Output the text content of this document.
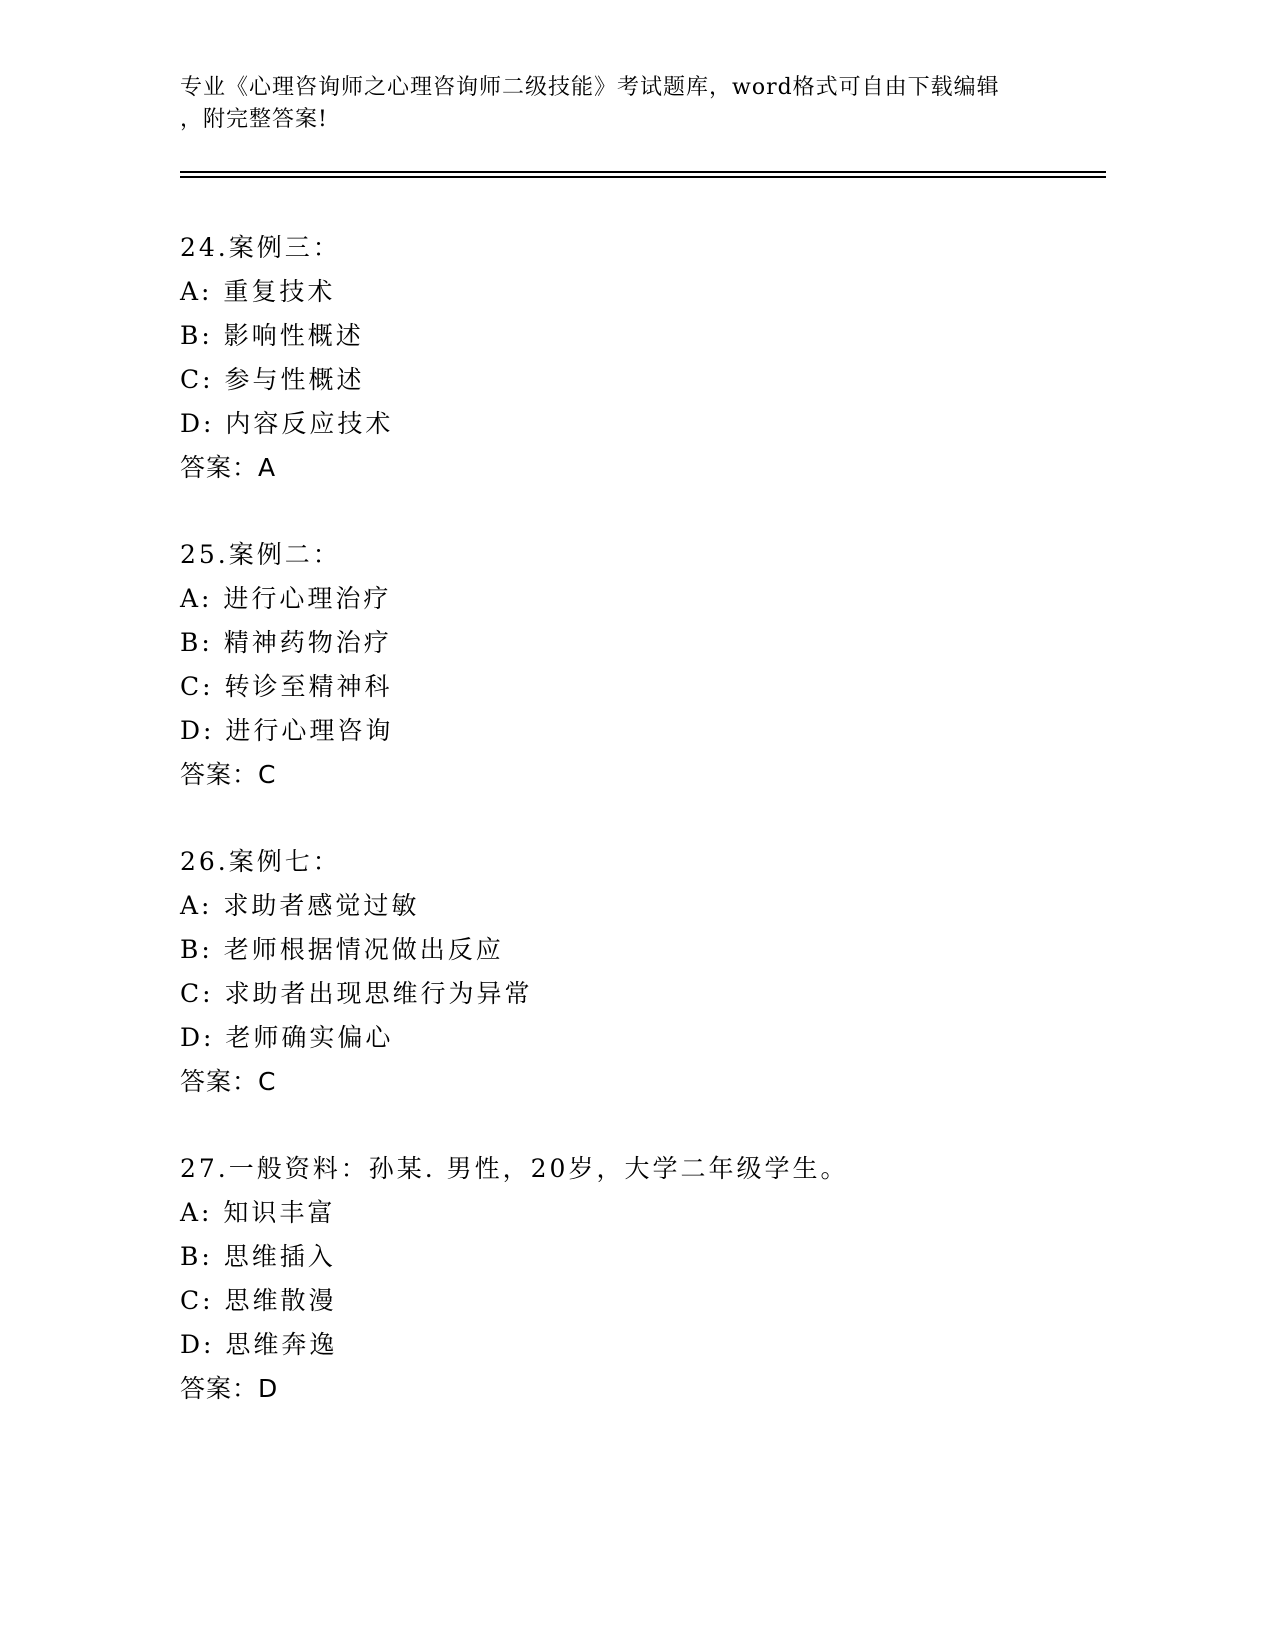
专业《心理咨询师之心理咨询师二级技能》考试题库，word格式可自由下载编辑
，附完整答案!
24.案例三：
A: 重复技术
B: 影响性概述
C: 参与性概述
D: 内容反应技术
答案：A
25.案例二：
A: 进行心理治疗
B: 精神药物治疗
C: 转诊至精神科
D: 进行心理咨询
答案：C
26.案例七：
A: 求助者感觉过敏
B: 老师根据情况做出反应
C: 求助者出现思维行为异常
D: 老师确实偏心
答案：C
27.一般资料：孙某. 男性，20岁，大学二年级学生。
A: 知识丰富
B: 思维插入
C: 思维散漫
D: 思维奔逸
答案：D
